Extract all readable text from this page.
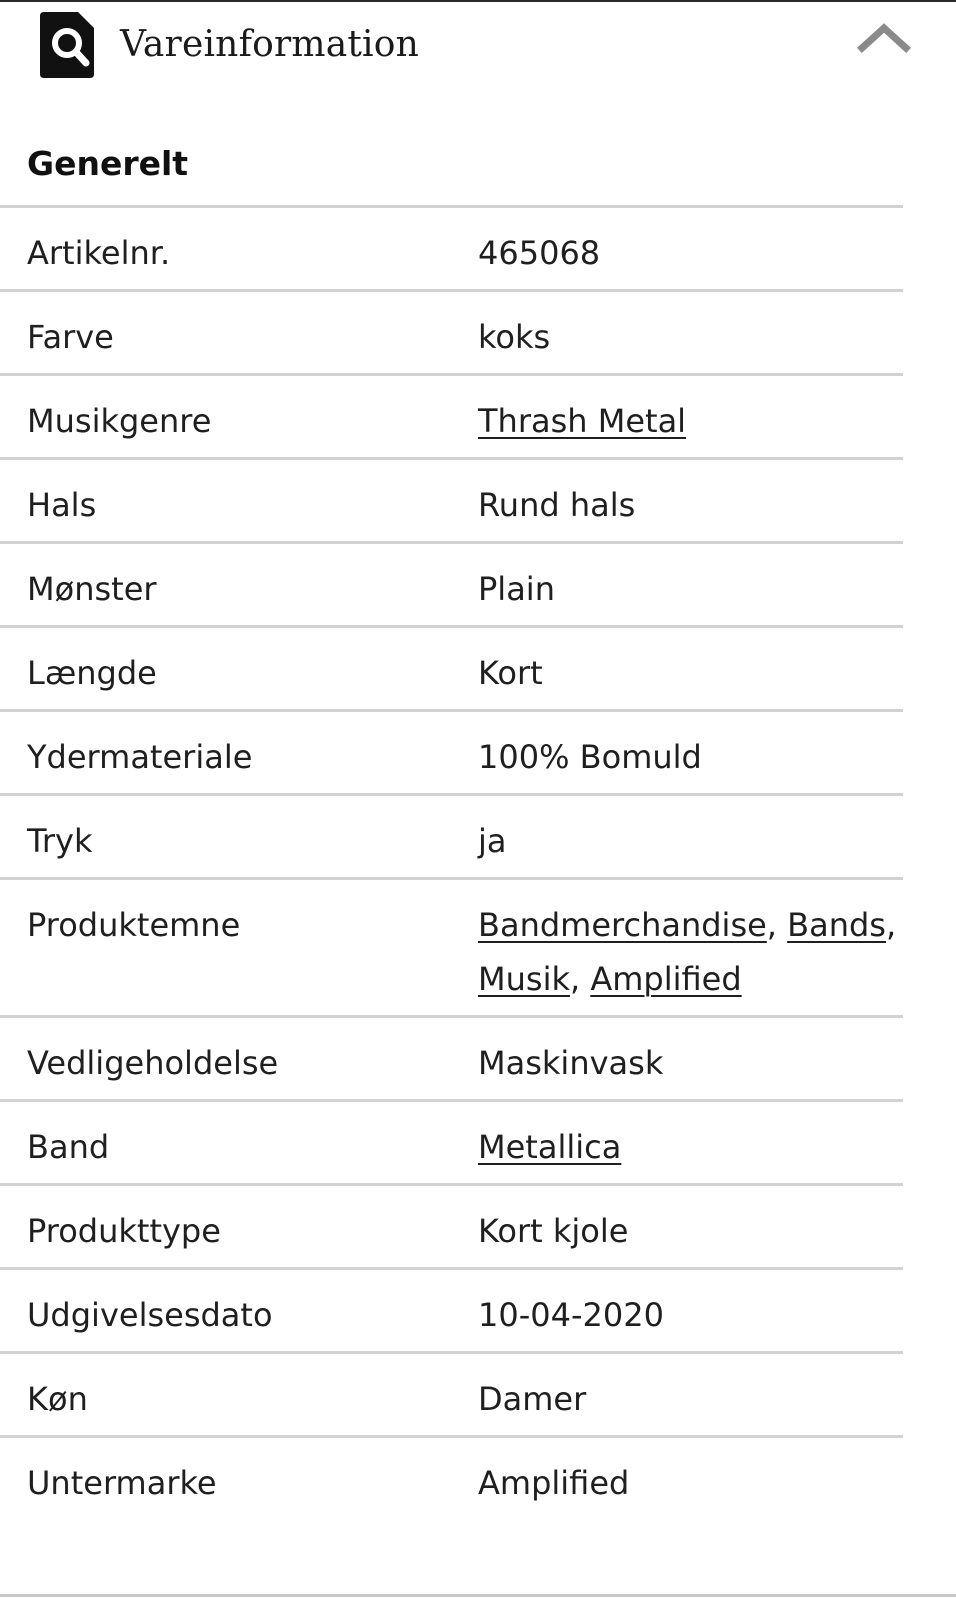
Vareinformation
Generelt
Artikelnr.	465068
Farve	koks
Musikgenre	Thrash Metal
Hals	Rund hals
Mønster	Plain
Længde	Kort
Ydermateriale	100% Bomuld
Tryk	ja
Produktemne	Bandmerchandise, Bands, Musik, Amplified
Vedligeholdelse	Maskinvask
Band	Metallica
Produkttype	Kort kjole
Udgivelsesdato	10-04-2020
Køn	Damer
Untermarke	Amplified
